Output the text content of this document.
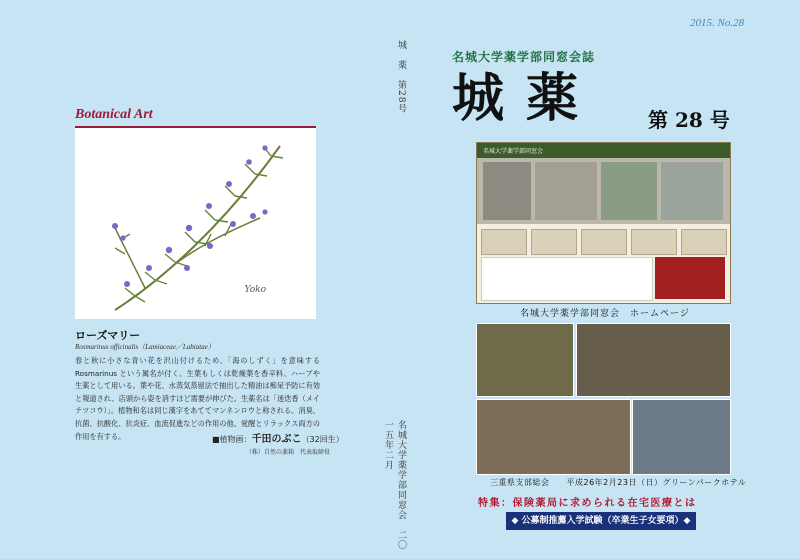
Botanical Art
Yoko
ローズマリー
Rosmarinus officinalis（Lamiaceae／Labiatae）
春と秋に小さな青い花を沢山付けるため、「海のしずく」を意味する Rosmarinus という属名が付く。生葉もしくは乾燥葉を香辛料、ハーブや生薬として用いる。葉や花、水蒸気蒸留法で抽出した精油は痴呆予防に有効と報道され、店頭から姿を消すほど需要が伸びた。生薬名は「迷迭香（メイテツコウ）」。植物和名は同じ漢字をあててマンネンロウと称される。消臭、抗菌、抗酸化、抗炎症、血流促進などの作用の他、覚醒とリラックス両方の作用を有する。	■植物画：千田のぶこ（32回生）
（株）自然の薬箱　代表取締役
城　薬　第28号
名城大学薬学部同窓会　二〇一五年二月
2015. No.28
名城大学薬学部同窓会誌
城薬 第 28 号
名城大学薬学部同窓会
名城大学薬学部同窓会　ホームページ
三重県支部総会　　平成26年2月23日（日）グリーンパークホテル
特集：保険薬局に求められる在宅医療とは
◆ 公募制推薦入学試験（卒業生子女要項）◆
